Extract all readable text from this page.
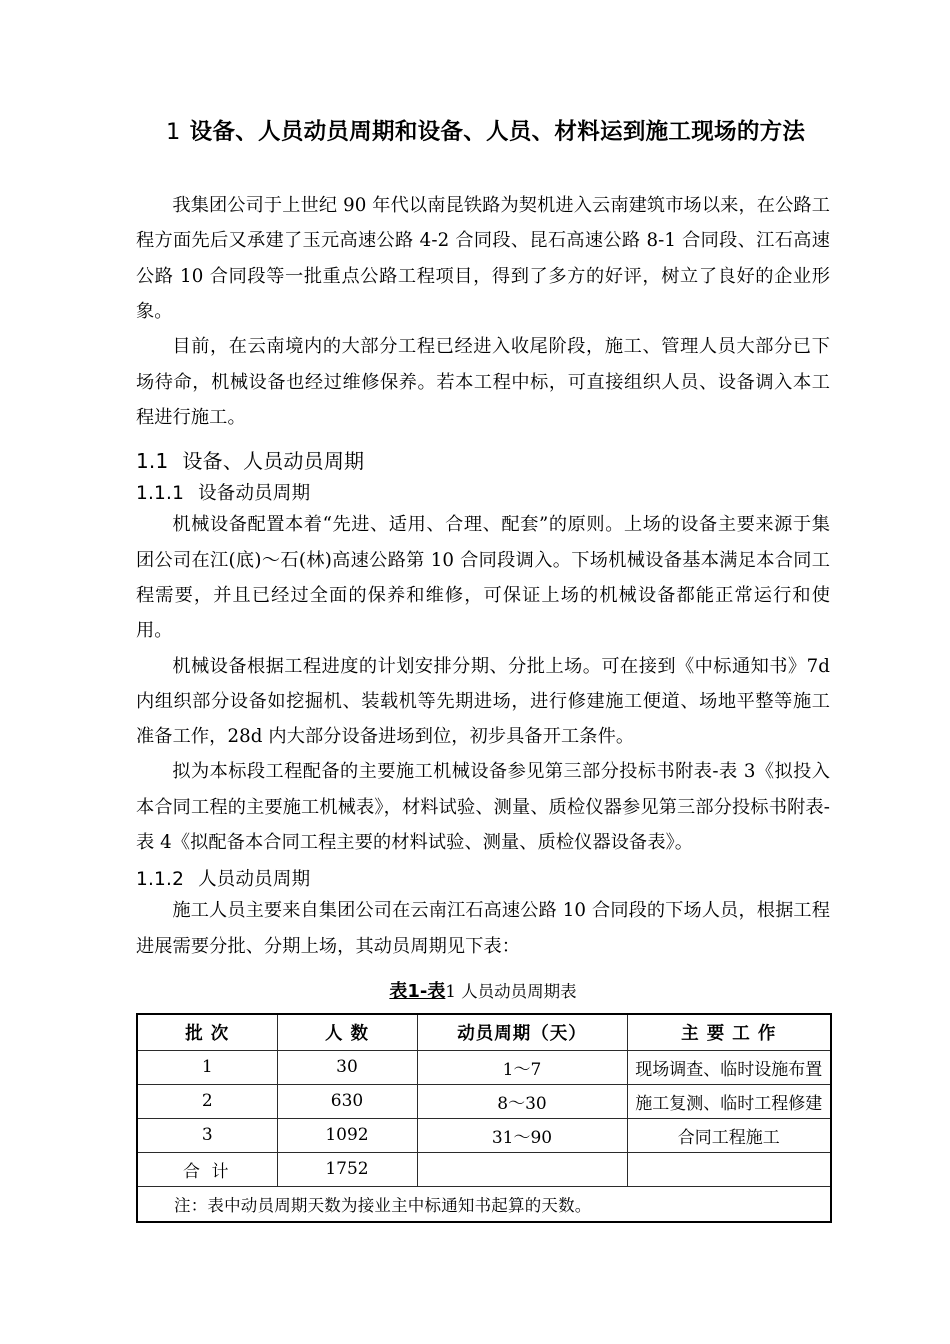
1 设备、人员动员周期和设备、人员、材料运到施工现场的方法

我集团公司于上世纪 90 年代以南昆铁路为契机进入云南建筑市场以来，在公路工程方面先后又承建了玉元高速公路 4-2 合同段、昆石高速公路 8-1 合同段、江石高速公路 10 合同段等一批重点公路工程项目，得到了多方的好评，树立了良好的企业形象。

目前，在云南境内的大部分工程已经进入收尾阶段，施工、管理人员大部分已下场待命，机械设备也经过维修保养。若本工程中标，可直接组织人员、设备调入本工程进行施工。

1.1 设备、人员动员周期
1.1.1 设备动员周期

机械设备配置本着“先进、适用、合理、配套”的原则。上场的设备主要来源于集团公司在江(底)～石(林)高速公路第 10 合同段调入。下场机械设备基本满足本合同工程需要，并且已经过全面的保养和维修，可保证上场的机械设备都能正常运行和使用。

机械设备根据工程进度的计划安排分期、分批上场。可在接到《中标通知书》7d 内组织部分设备如挖掘机、装载机等先期进场，进行修建施工便道、场地平整等施工准备工作，28d 内大部分设备进场到位，初步具备开工条件。

拟为本标段工程配备的主要施工机械设备参见第三部分投标书附表-表 3《拟投入本合同工程的主要施工机械表》，材料试验、测量、质检仪器参见第三部分投标书附表-表 4《拟配备本合同工程主要的材料试验、测量、质检仪器设备表》。

1.1.2 人员动员周期

施工人员主要来自集团公司在云南江石高速公路 10 合同段的下场人员，根据工程进展需要分批、分期上场，其动员周期见下表：

表1-表1 人员动员周期表
批 次	人 数	动员周期（天）	主 要 工 作
1	30	1～7	现场调查、临时设施布置
2	630	8～30	施工复测、临时工程修建
3	1092	31～90	合同工程施工
合 计	1752		
注：表中动员周期天数为接业主中标通知书起算的天数。			
